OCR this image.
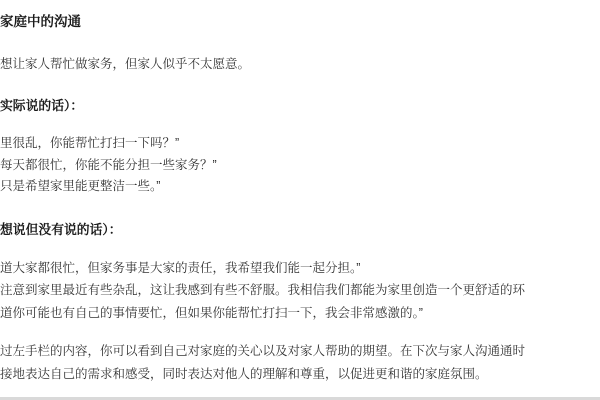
家庭中的沟通
想让家人帮忙做家务，但家人似乎不太愿意。
实际说的话）：
里很乱，你能帮忙打扫一下吗？”
每天都很忙，你能不能分担一些家务？”
只是希望家里能更整洁一些。”
想说但没有说的话）：
道大家都很忙，但家务事是大家的责任，我希望我们能一起分担。”
注意到家里最近有些杂乱，这让我感到有些不舒服。我相信我们都能为家里创造一个更舒适的环
道你可能也有自己的事情要忙，但如果你能帮忙打扫一下，我会非常感激的。”
过左手栏的内容，你可以看到自己对家庭的关心以及对家人帮助的期望。在下次与家人沟通通时
接地表达自己的需求和感受，同时表达对他人的理解和尊重，以促进更和谐的家庭氛围。
